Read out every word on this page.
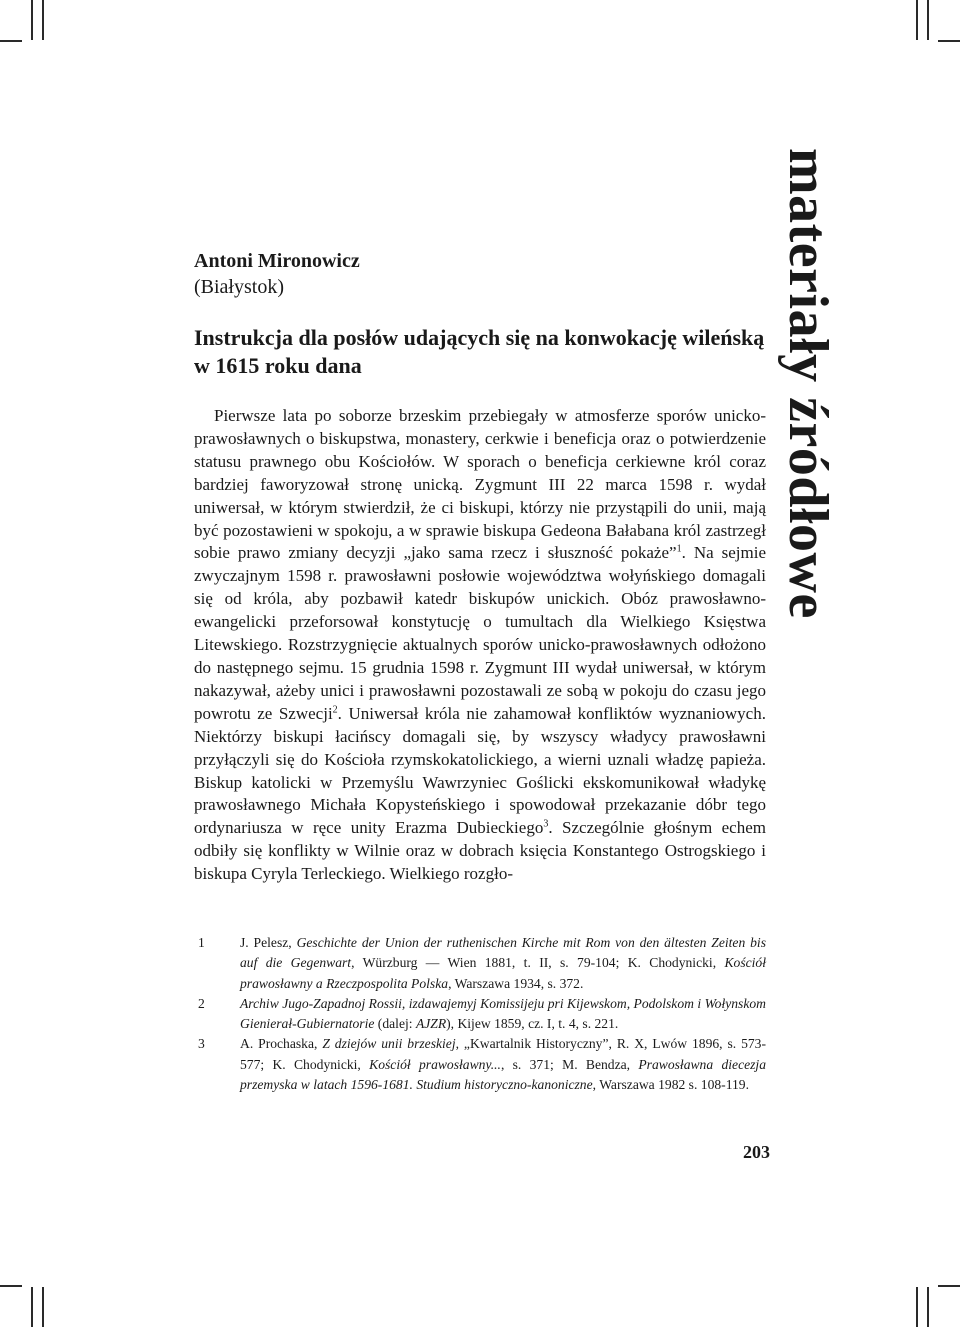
Antoni Mironowicz
(Białystok)
Instrukcja dla posłów udających się na konwokację wileńską w 1615 roku dana

Pierwsze lata po soborze brzeskim przebiegały w atmosferze sporów unicko-prawosławnych o biskupstwa, monastery, cerkwie i beneficja oraz o potwierdzenie statusu prawnego obu Kościołów. W sporach o beneficja cerkiewne król coraz bardziej faworyzował stronę unicką. Zygmunt III 22 marca 1598 r. wydał uniwersał, w którym stwierdził, że ci biskupi, którzy nie przystąpili do unii, mają być pozostawieni w spokoju, a w sprawie biskupa Gedeona Bałabana król zastrzegł sobie prawo zmiany decyzji „jako sama rzecz i słuszność pokaże”$^1$. Na sejmie zwyczajnym 1598 r. prawosławni posłowie województwa wołyńskiego domagali się od króla, aby pozbawił katedr biskupów unickich. Obóz prawosławno-ewangelicki przeforsował konstytucję o tumultach dla Wielkiego Księstwa Litewskiego. Rozstrzygnięcie aktualnych sporów unicko-prawosławnych odłożono do następnego sejmu. 15 grudnia 1598 r. Zygmunt III wydał uniwersał, w którym nakazywał, ażeby unici i prawosławni pozostawali ze sobą w pokoju do czasu jego powrotu ze Szwecji$^2$. Uniwersał króla nie zahamował konfliktów wyznaniowych. Niektórzy biskupi łacińscy domagali się, by wszyscy władycy prawosławni przyłączyli się do Kościoła rzymskokatolickiego, a wierni uznali władzę papieża. Biskup katolicki w Przemyślu Wawrzyniec Goślicki ekskomunikował władykę prawosławnego Michała Kopysteńskiego i spowodował przekazanie dóbr tego ordynariusza w ręce unity Erazma Dubieckiego$^3$. Szczególnie głośnym echem odbiły się konflikty w Wilnie oraz w dobrach księcia Konstantego Ostrogskiego i biskupa Cyryla Terleckiego. Wielkiego rozgło-

1	J. Pelesz, Geschichte der Union der ruthenischen Kirche mit Rom von den ältesten Zeiten bis auf die Gegenwart, Würzburg — Wien 1881, t. II, s. 79-104; K. Chodynicki, Kościół prawosławny a Rzeczpospolita Polska, Warszawa 1934, s. 372.
2	Archiw Jugo-Zapadnoj Rossii, izdawajemyj Komissijeju pri Kijewskom, Podolskom i Wołynskom Gienierał-Gubiernatorie (dalej: AJZR), Kijew 1859, cz. I, t. 4, s. 221.
3	A. Prochaska, Z dziejów unii brzeskiej, „Kwartalnik Historyczny”, R. X, Lwów 1896, s. 573-577; K. Chodynicki, Kościół prawosławny..., s. 371; M. Bendza, Prawosławna diecezja przemyska w latach 1596-1681. Studium historyczno-kanoniczne, Warszawa 1982 s. 108-119.
203
materiały źródłowe
